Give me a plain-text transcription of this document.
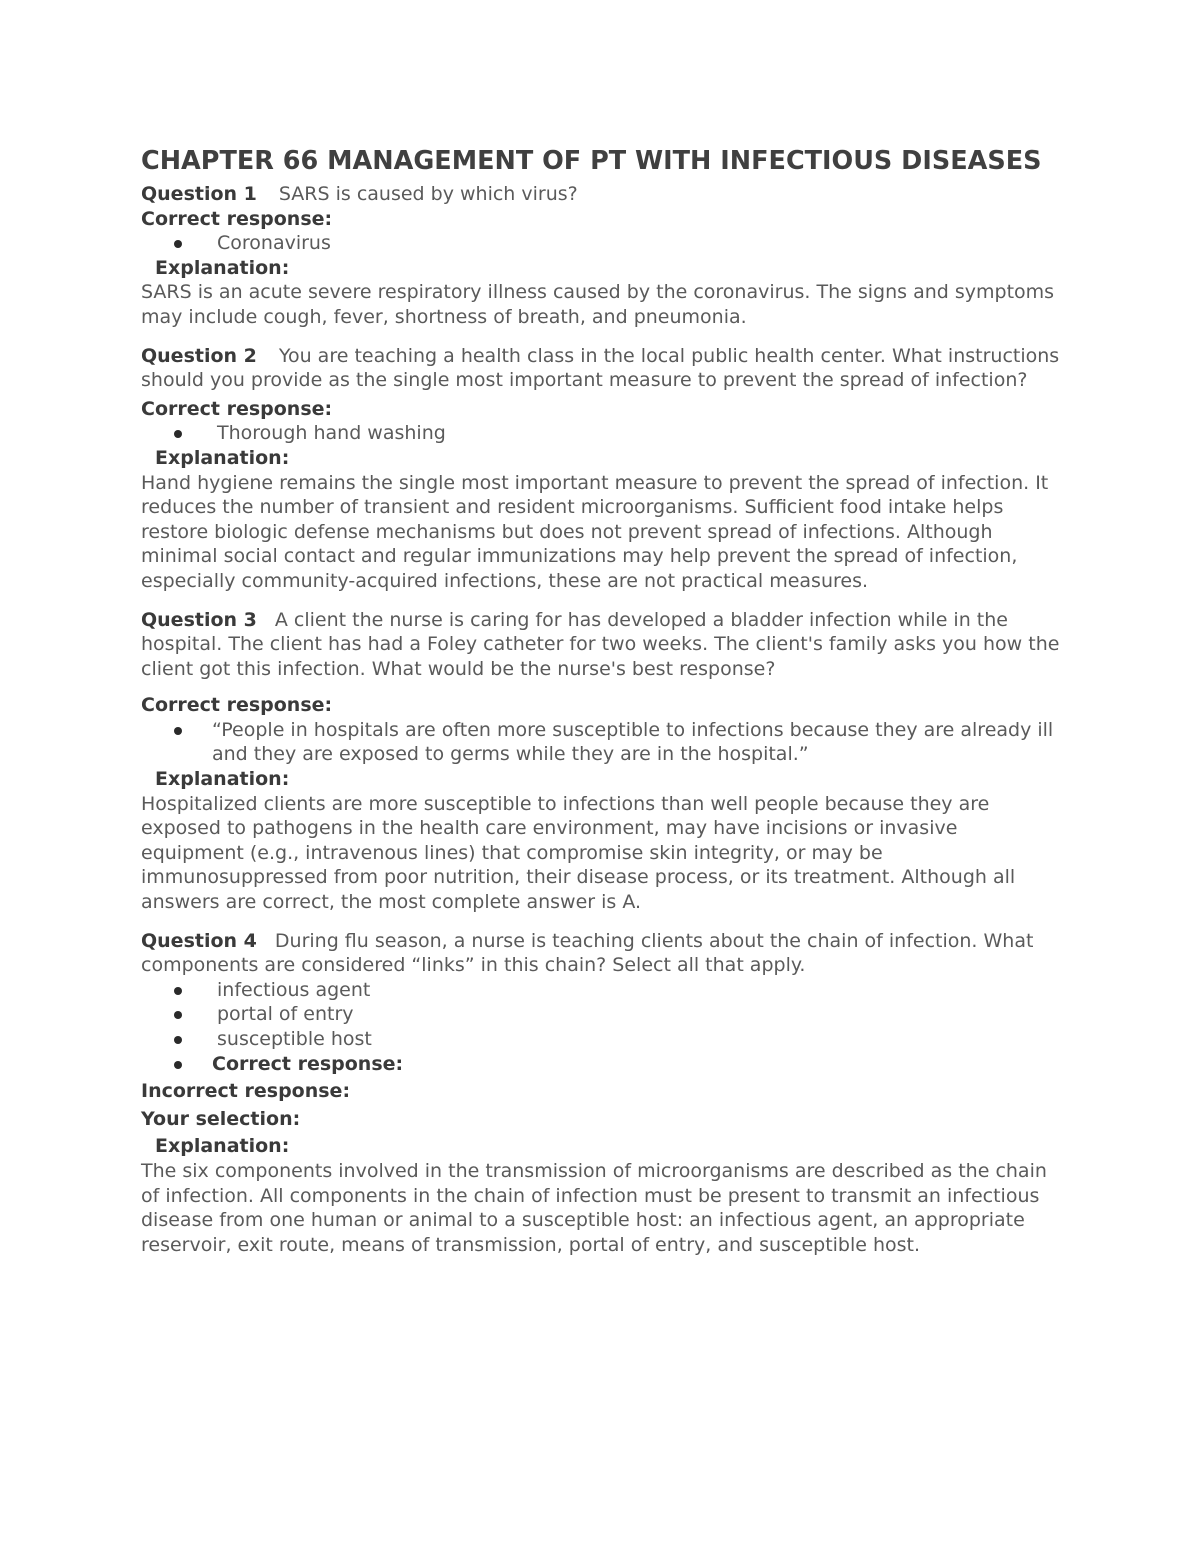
CHAPTER 66 MANAGEMENT OF PT WITH INFECTIOUS DISEASES

Question 1 SARS is caused by which virus?

Correct response:

Coronavirus

Explanation:

SARS is an acute severe respiratory illness caused by the coronavirus. The signs and symptoms may include cough, fever, shortness of breath, and pneumonia.

Question 2 You are teaching a health class in the local public health center. What instructions should you provide as the single most important measure to prevent the spread of infection?

Correct response:

Thorough hand washing

Explanation:

Hand hygiene remains the single most important measure to prevent the spread of infection. It reduces the number of transient and resident microorganisms. Sufficient food intake helps restore biologic defense mechanisms but does not prevent spread of infections. Although minimal social contact and regular immunizations may help prevent the spread of infection, especially community-acquired infections, these are not practical measures.

Question 3 A client the nurse is caring for has developed a bladder infection while in the hospital. The client has had a Foley catheter for two weeks. The client's family asks you how the client got this infection. What would be the nurse's best response?

Correct response:

“People in hospitals are often more susceptible to infections because they are already ill and they are exposed to germs while they are in the hospital.”

Explanation:

Hospitalized clients are more susceptible to infections than well people because they are exposed to pathogens in the health care environment, may have incisions or invasive equipment (e.g., intravenous lines) that compromise skin integrity, or may be immunosuppressed from poor nutrition, their disease process, or its treatment. Although all answers are correct, the most complete answer is A.

Question 4 During flu season, a nurse is teaching clients about the chain of infection. What components are considered “links” in this chain? Select all that apply.

infectious agent
portal of entry
susceptible host
Correct response:

Incorrect response:

Your selection:

Explanation:

The six components involved in the transmission of microorganisms are described as the chain of infection. All components in the chain of infection must be present to transmit an infectious disease from one human or animal to a susceptible host: an infectious agent, an appropriate reservoir, exit route, means of transmission, portal of entry, and susceptible host.
